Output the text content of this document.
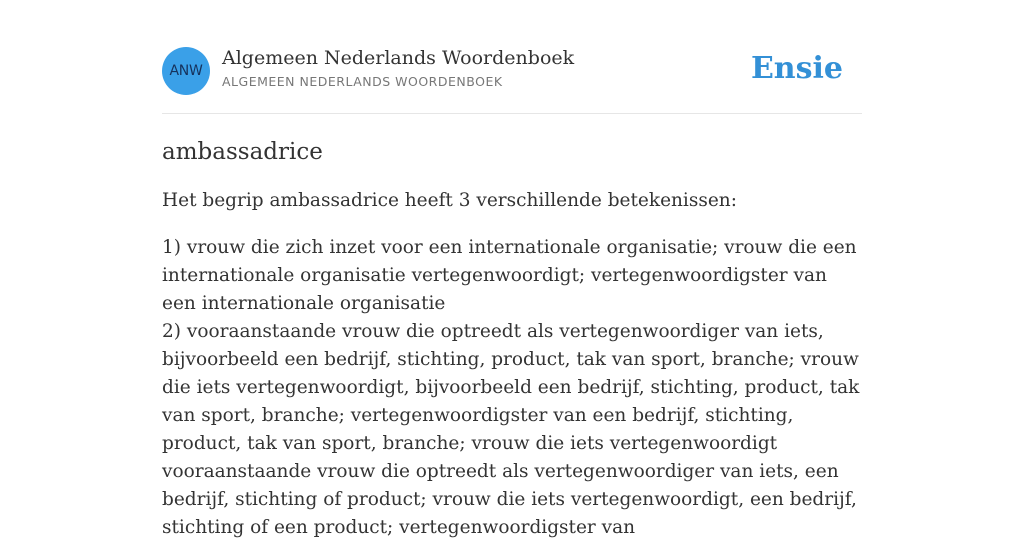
ANW
Algemeen Nederlands Woordenboek
ALGEMEEN NEDERLANDS WOORDENBOEK	Ensie
ambassadrice
Het begrip ambassadrice heeft 3 verschillende betekenissen:

1) vrouw die zich inzet voor een internationale organisatie; vrouw die een internationale organisatie vertegenwoordigt; vertegenwoordigster van een internationale organisatie

2) vooraanstaande vrouw die optreedt als vertegenwoordiger van iets, bijvoorbeeld een bedrijf, stichting, product, tak van sport, branche; vrouw die iets vertegenwoordigt, bijvoorbeeld een bedrijf, stichting, product, tak van sport, branche; vertegenwoordigster van een bedrijf, stichting, product, tak van sport, branche; vrouw die iets vertegenwoordigt vooraanstaande vrouw die optreedt als vertegenwoordiger van iets, een bedrijf, stichting of product; vrouw die iets vertegenwoordigt, een bedrijf, stichting of een product; vertegenwoordigster van
